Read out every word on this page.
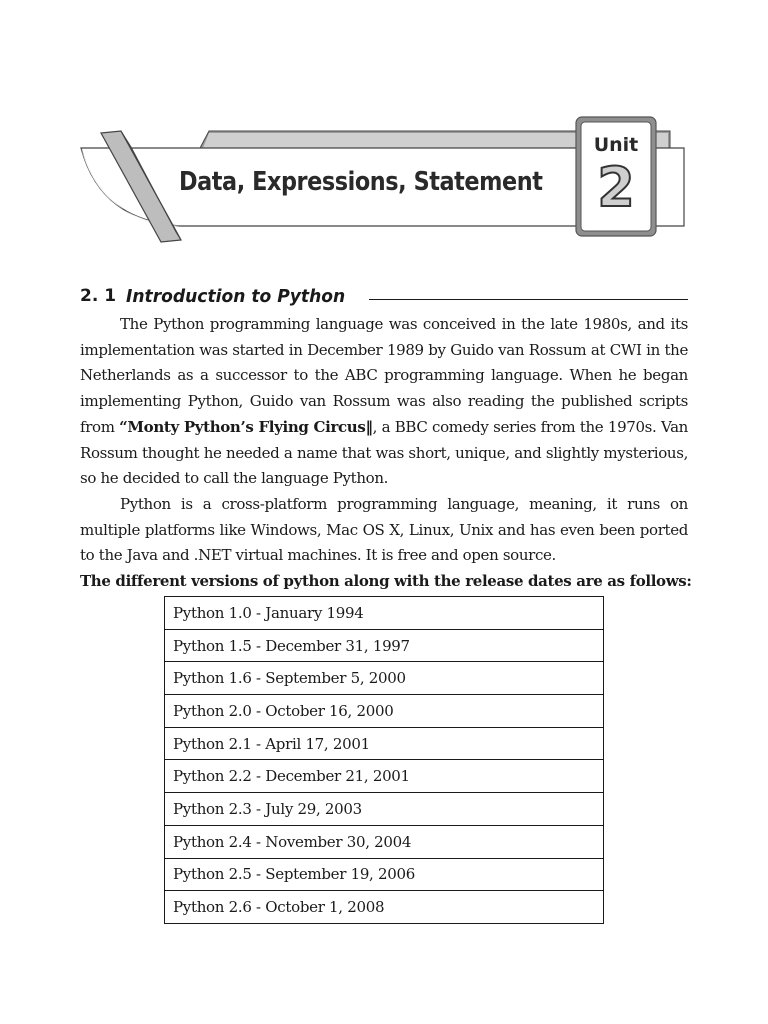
Data, Expressions, Statement
Unit
2
2. 1 Introduction to Python

The Python programming language was conceived in the late 1980s, and its implementation was started in December 1989 by Guido van Rossum at CWI in the Netherlands as a successor to the ABC programming language. When he began implementing Python, Guido van Rossum was also reading the published scripts from “Monty Python’s Flying Circus‖, a BBC comedy series from the 1970s. Van Rossum thought he needed a name that was short, unique, and slightly mysterious, so he decided to call the language Python.

Python is a cross-platform programming language, meaning, it runs on multiple platforms like Windows, Mac OS X, Linux, Unix and has even been ported to the Java and .NET virtual machines. It is free and open source.

The different versions of python along with the release dates are as follows:
Python 1.0 - January 1994
Python 1.5 - December 31, 1997
Python 1.6 - September 5, 2000
Python 2.0 - October 16, 2000
Python 2.1 - April 17, 2001
Python 2.2 - December 21, 2001
Python 2.3 - July 29, 2003
Python 2.4 - November 30, 2004
Python 2.5 - September 19, 2006
Python 2.6 - October 1, 2008
